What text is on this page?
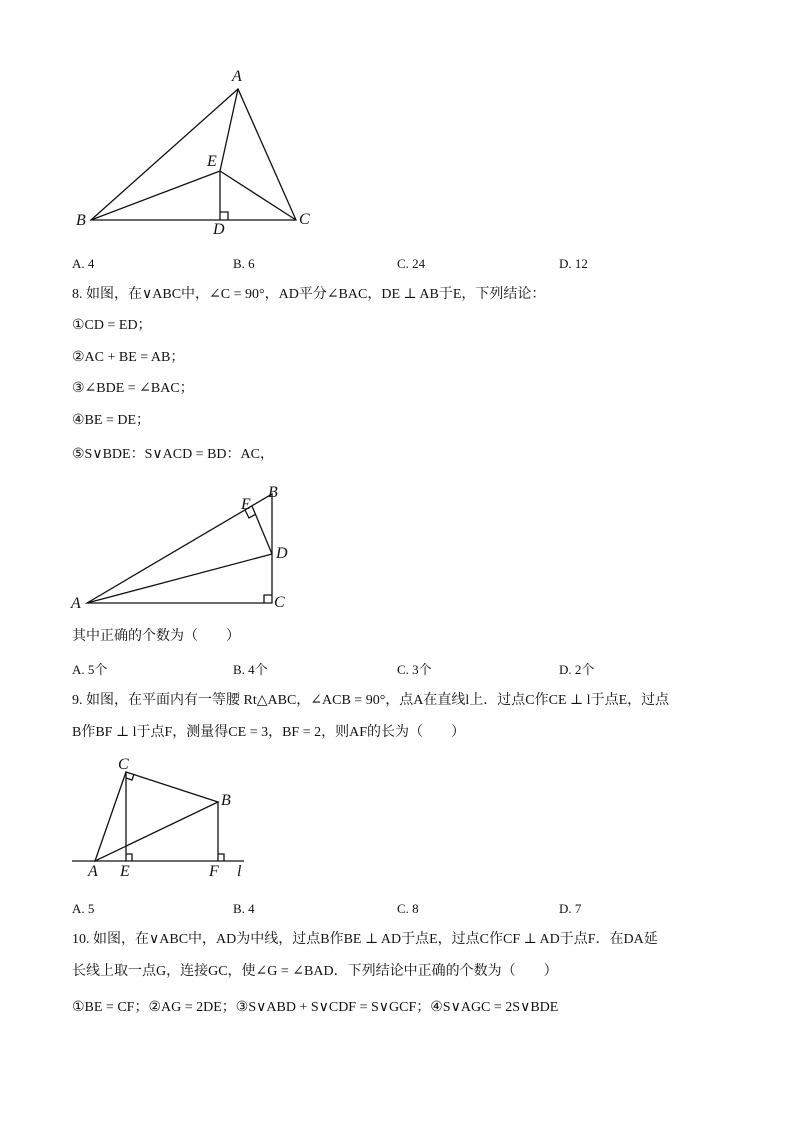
A
B	C
D
E
A. 4	B. 6	C. 24	D. 12
8. 如图，在∨ABC中，∠C = 90°，AD平分∠BAC，DE ⊥ AB于E，下列结论：
①CD = ED；
②AC + BE = AB；
③∠BDE = ∠BAC；
④BE = DE；
⑤S∨BDE：S∨ACD = BD：AC，
A
B
C
D
E
其中正确的个数为（　　）
A. 5个	B. 4个	C. 3个	D. 2个
9. 如图，在平面内有一等腰 Rt△ABC，∠ACB = 90°，点A在直线l上．过点C作CE ⊥ l于点E，过点
B作BF ⊥ l于点F，测量得CE = 3，BF = 2，则AF的长为（　　）
A
B
C
E	F l
A. 5	B. 4	C. 8	D. 7
10. 如图，在∨ABC中，AD为中线，过点B作BE ⊥ AD于点E，过点C作CF ⊥ AD于点F．在DA延
长线上取一点G，连接GC，使∠G = ∠BAD．下列结论中正确的个数为（　　）
①BE = CF；②AG = 2DE；③S∨ABD + S∨CDF = S∨GCF；④S∨AGC = 2S∨BDE
